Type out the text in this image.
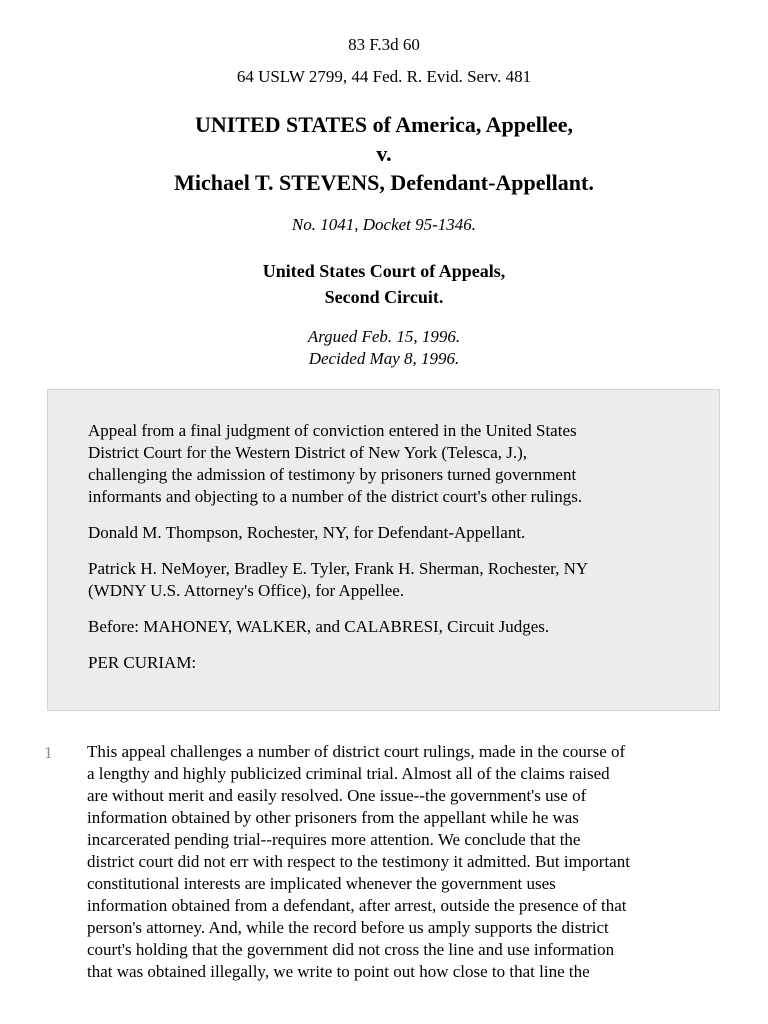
83 F.3d 60
64 USLW 2799, 44 Fed. R. Evid. Serv. 481
UNITED STATES of America, Appellee,
v.
Michael T. STEVENS, Defendant-Appellant.
No. 1041, Docket 95-1346.
United States Court of Appeals,
Second Circuit.
Argued Feb. 15, 1996.
Decided May 8, 1996.

Appeal from a final judgment of conviction entered in the United States
District Court for the Western District of New York (Telesca, J.),
challenging the admission of testimony by prisoners turned government
informants and objecting to a number of the district court's other rulings.

Donald M. Thompson, Rochester, NY, for Defendant-Appellant.

Patrick H. NeMoyer, Bradley E. Tyler, Frank H. Sherman, Rochester, NY
(WDNY U.S. Attorney's Office), for Appellee.

Before: MAHONEY, WALKER, and CALABRESI, Circuit Judges.

PER CURIAM:

1 This appeal challenges a number of district court rulings, made in the course of
a lengthy and highly publicized criminal trial. Almost all of the claims raised
are without merit and easily resolved. One issue--the government's use of
information obtained by other prisoners from the appellant while he was
incarcerated pending trial--requires more attention. We conclude that the
district court did not err with respect to the testimony it admitted. But important
constitutional interests are implicated whenever the government uses
information obtained from a defendant, after arrest, outside the presence of that
person's attorney. And, while the record before us amply supports the district
court's holding that the government did not cross the line and use information
that was obtained illegally, we write to point out how close to that line the
